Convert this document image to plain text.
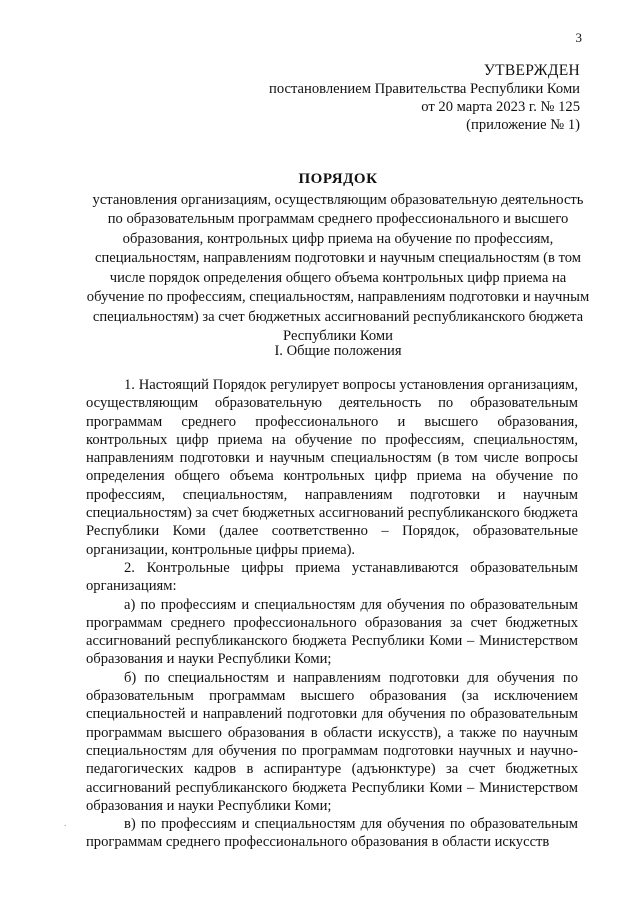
3
УТВЕРЖДЕН
постановлением Правительства Республики Коми
от 20 марта 2023 г. № 125
(приложение № 1)
ПОРЯДОК
установления организациям, осуществляющим образовательную деятельность по образовательным программам среднего профессионального и высшего образования, контрольных цифр приема на обучение по профессиям, специальностям, направлениям подготовки и научным специальностям (в том числе порядок определения общего объема контрольных цифр приема на обучение по профессиям, специальностям, направлениям подготовки и научным специальностям) за счет бюджетных ассигнований республиканского бюджета Республики Коми
I. Общие положения

1. Настоящий Порядок регулирует вопросы установления организациям, осуществляющим образовательную деятельность по образовательным программам среднего профессионального и высшего образования, контрольных цифр приема на обучение по профессиям, специальностям, направлениям подготовки и научным специальностям (в том числе вопросы определения общего объема контрольных цифр приема на обучение по профессиям, специальностям, направлениям подготовки и научным специальностям) за счет бюджетных ассигнований республиканского бюджета Республики Коми (далее соответственно – Порядок, образовательные организации, контрольные цифры приема).

2. Контрольные цифры приема устанавливаются образовательным организациям:

а) по профессиям и специальностям для обучения по образовательным программам среднего профессионального образования за счет бюджетных ассигнований республиканского бюджета Республики Коми – Министерством образования и науки Республики Коми;

б) по специальностям и направлениям подготовки для обучения по образовательным программам высшего образования (за исключением специальностей и направлений подготовки для обучения по образовательным программам высшего образования в области искусств), а также по научным специальностям для обучения по программам подготовки научных и научно-педагогических кадров в аспирантуре (адъюнктуре) за счет бюджетных ассигнований республиканского бюджета Республики Коми – Министерством образования и науки Республики Коми;

в) по профессиям и специальностям для обучения по образовательным программам среднего профессионального образования в области искусств

.
